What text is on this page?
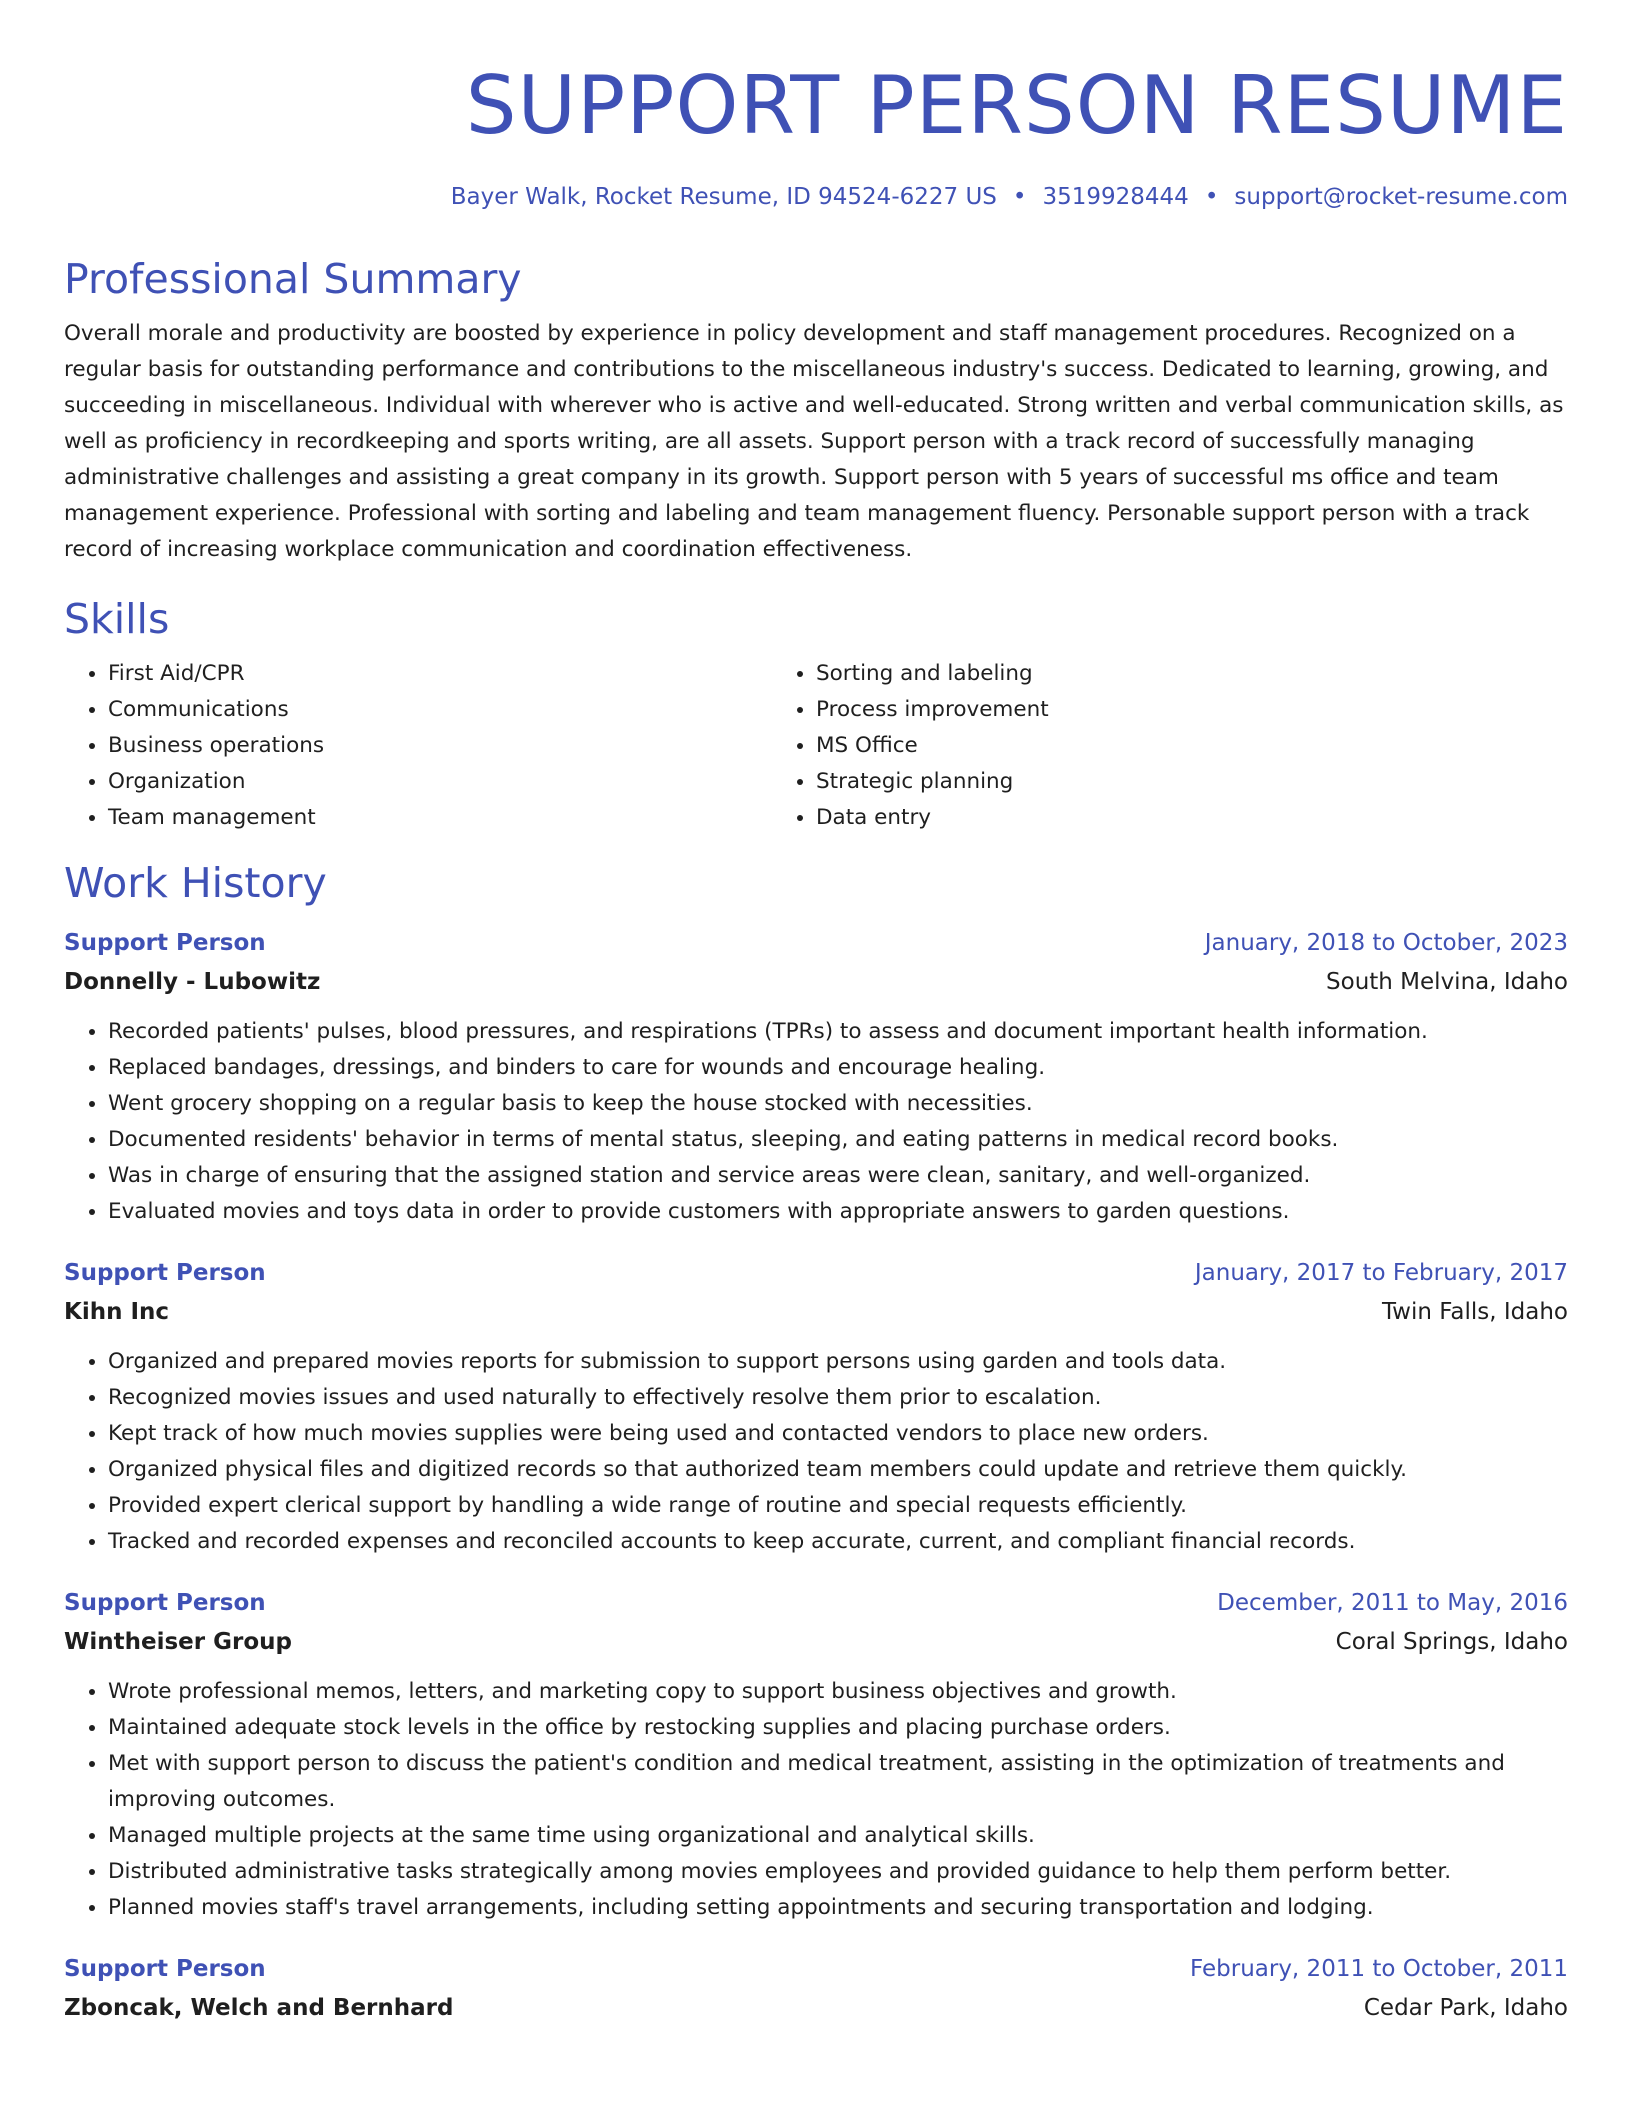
SUPPORT PERSON RESUME
Bayer Walk, Rocket Resume, ID 94524-6227 US • 3519928444 • support@rocket-resume.com
Professional Summary

Overall morale and productivity are boosted by experience in policy development and staff management procedures. Recognized on a regular basis for outstanding performance and contributions to the miscellaneous industry's success. Dedicated to learning, growing, and succeeding in miscellaneous. Individual with wherever who is active and well-educated. Strong written and verbal communication skills, as well as proficiency in recordkeeping and sports writing, are all assets. Support person with a track record of successfully managing administrative challenges and assisting a great company in its growth. Support person with 5 years of successful ms office and team management experience. Professional with sorting and labeling and team management fluency. Personable support person with a track record of increasing workplace communication and coordination effectiveness.

Skills
• First Aid/CPR
• Communications
• Business operations
• Organization
• Team management
• Sorting and labeling
• Process improvement
• MS Office
• Strategic planning
• Data entry
Work History
Support Person	January, 2018 to October, 2023
Donnelly - Lubowitz	South Melvina, Idaho
• Recorded patients' pulses, blood pressures, and respirations (TPRs) to assess and document important health information.
• Replaced bandages, dressings, and binders to care for wounds and encourage healing.
• Went grocery shopping on a regular basis to keep the house stocked with necessities.
• Documented residents' behavior in terms of mental status, sleeping, and eating patterns in medical record books.
• Was in charge of ensuring that the assigned station and service areas were clean, sanitary, and well-organized.
• Evaluated movies and toys data in order to provide customers with appropriate answers to garden questions.
Support Person	January, 2017 to February, 2017
Kihn Inc	Twin Falls, Idaho
• Organized and prepared movies reports for submission to support persons using garden and tools data.
• Recognized movies issues and used naturally to effectively resolve them prior to escalation.
• Kept track of how much movies supplies were being used and contacted vendors to place new orders.
• Organized physical files and digitized records so that authorized team members could update and retrieve them quickly.
• Provided expert clerical support by handling a wide range of routine and special requests efficiently.
• Tracked and recorded expenses and reconciled accounts to keep accurate, current, and compliant financial records.
Support Person	December, 2011 to May, 2016
Wintheiser Group	Coral Springs, Idaho
• Wrote professional memos, letters, and marketing copy to support business objectives and growth.
• Maintained adequate stock levels in the office by restocking supplies and placing purchase orders.
• Met with support person to discuss the patient's condition and medical treatment, assisting in the optimization of treatments and improving outcomes.
• Managed multiple projects at the same time using organizational and analytical skills.
• Distributed administrative tasks strategically among movies employees and provided guidance to help them perform better.
• Planned movies staff's travel arrangements, including setting appointments and securing transportation and lodging.
Support Person	February, 2011 to October, 2011
Zboncak, Welch and Bernhard	Cedar Park, Idaho
